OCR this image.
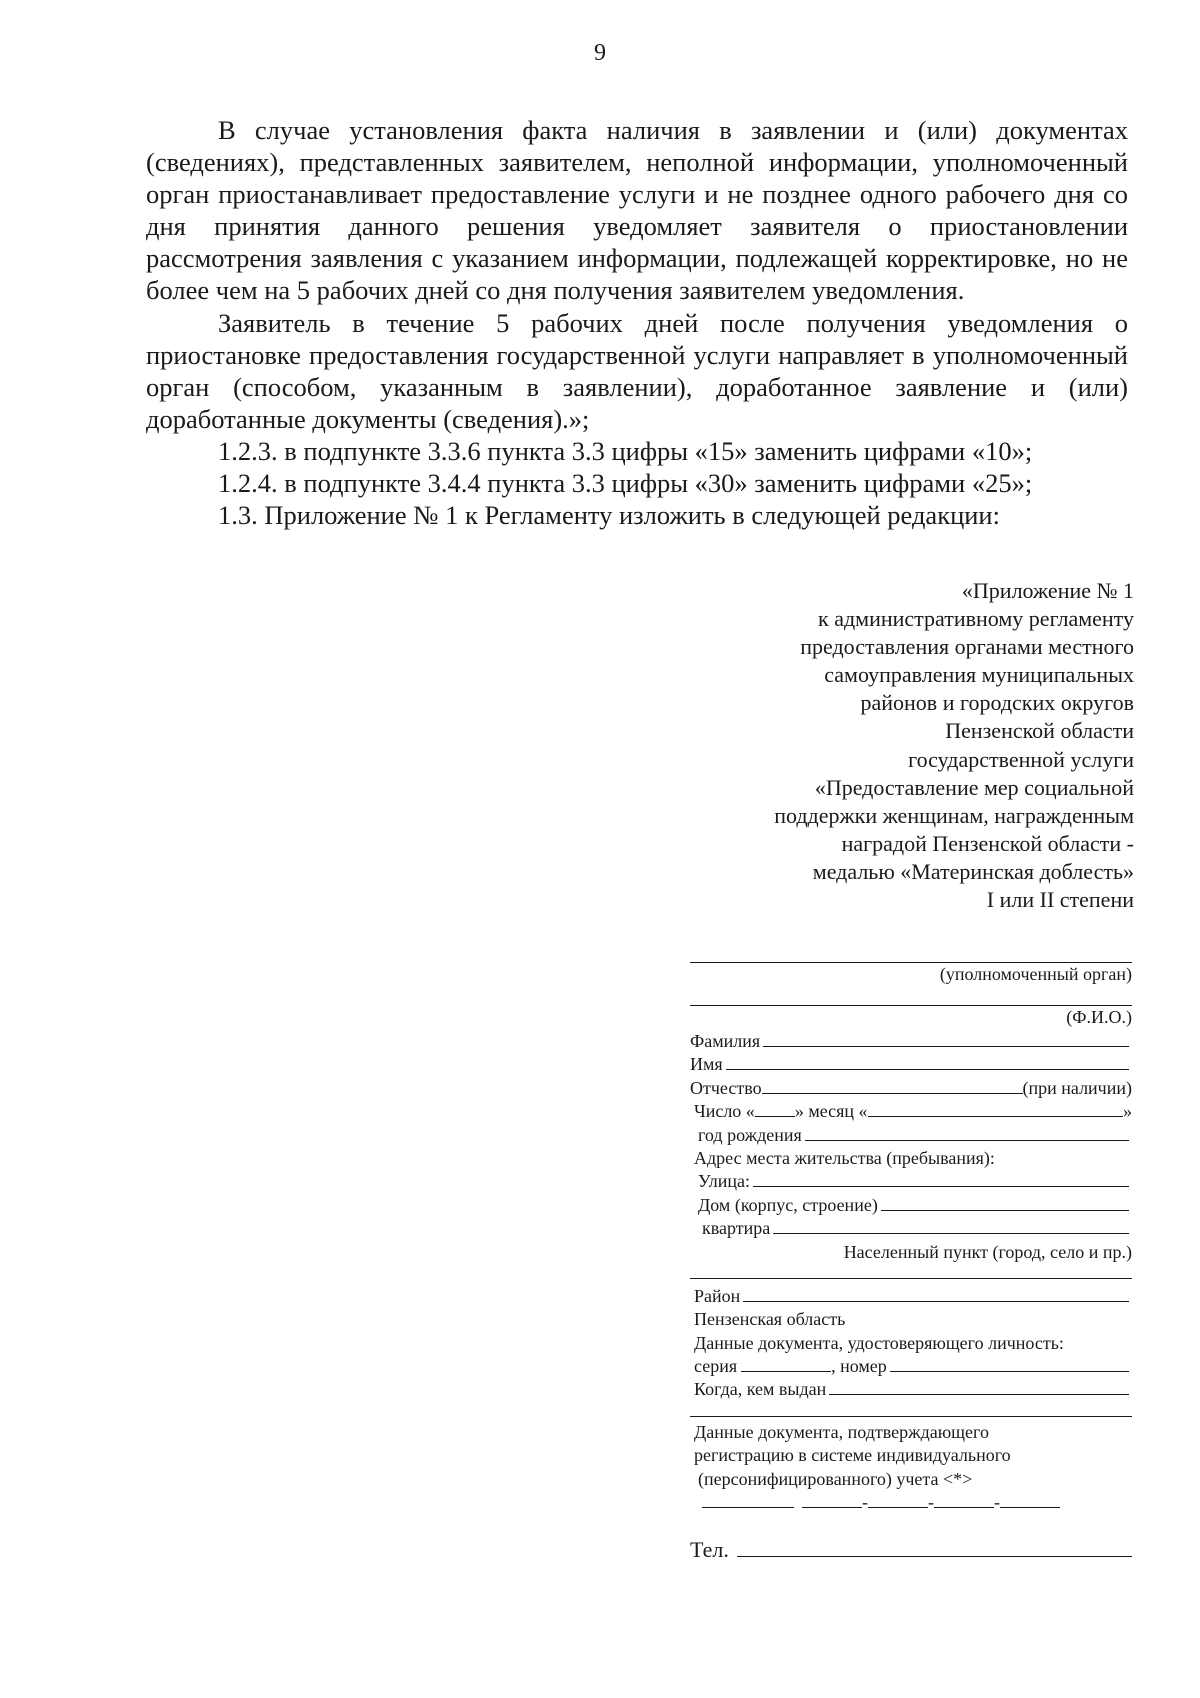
9

В случае установления факта наличия в заявлении и (или) документах (сведениях), представленных заявителем, неполной информации, уполномоченный орган приостанавливает предоставление услуги и не позднее одного рабочего дня со дня принятия данного решения уведомляет заявителя о приостановлении рассмотрения заявления с указанием информации, подлежащей корректировке, но не более чем на 5 рабочих дней со дня получения заявителем уведомления.

Заявитель в течение 5 рабочих дней после получения уведомления о приостановке предоставления государственной услуги направляет в уполномоченный орган (способом, указанным в заявлении), доработанное заявление и (или) доработанные документы (сведения).»;

1.2.3. в подпункте 3.3.6 пункта 3.3 цифры «15» заменить цифрами «10»;

1.2.4. в подпункте 3.4.4 пункта 3.3 цифры «30» заменить цифрами «25»;

1.3. Приложение № 1 к Регламенту изложить в следующей редакции:

«Приложение № 1
к административному регламенту
предоставления органами местного
самоуправления муниципальных
районов и городских округов
Пензенской области
государственной услуги
«Предоставление мер социальной
поддержки женщинам, награжденным
наградой Пензенской области -
медалью «Материнская доблесть»
I или II степени
(уполномоченный орган)
(Ф.И.О.)
Фамилия
Имя
Отчество	(при наличии)
Число « » месяц «	»
год рождения
Адрес места жительства (пребывания):
Улица:
Дом (корпус, строение)
квартира
Населенный пункт (город, село и пр.)
Район
Пензенская область
Данные документа, удостоверяющего личность:
серия	, номер
Когда, кем выдан
Данные документа, подтверждающего
регистрацию в системе индивидуального
(персонифицированного) учета <*>
-	-	-
Тел.
